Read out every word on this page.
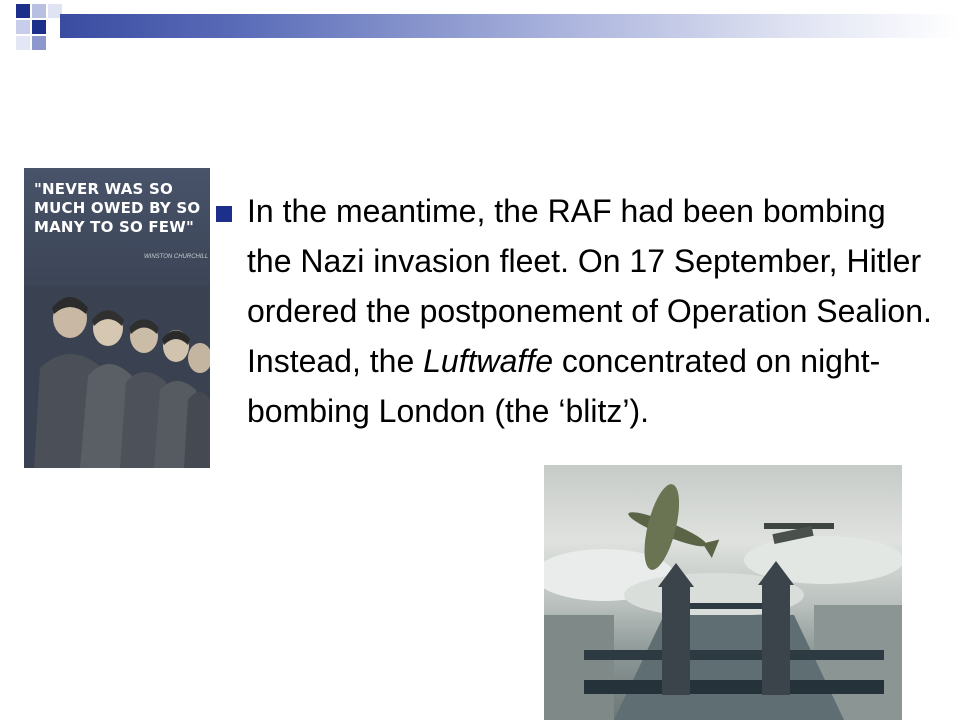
"NEVER WAS SO MUCH OWED BY SO MANY TO SO FEW"
WINSTON CHURCHILL
In the meantime, the RAF had been bombing the Nazi invasion fleet. On 17 September, Hitler ordered the postponement of Operation Sealion. Instead, the Luftwaffe concentrated on night-bombing London (the ‘blitz’).
